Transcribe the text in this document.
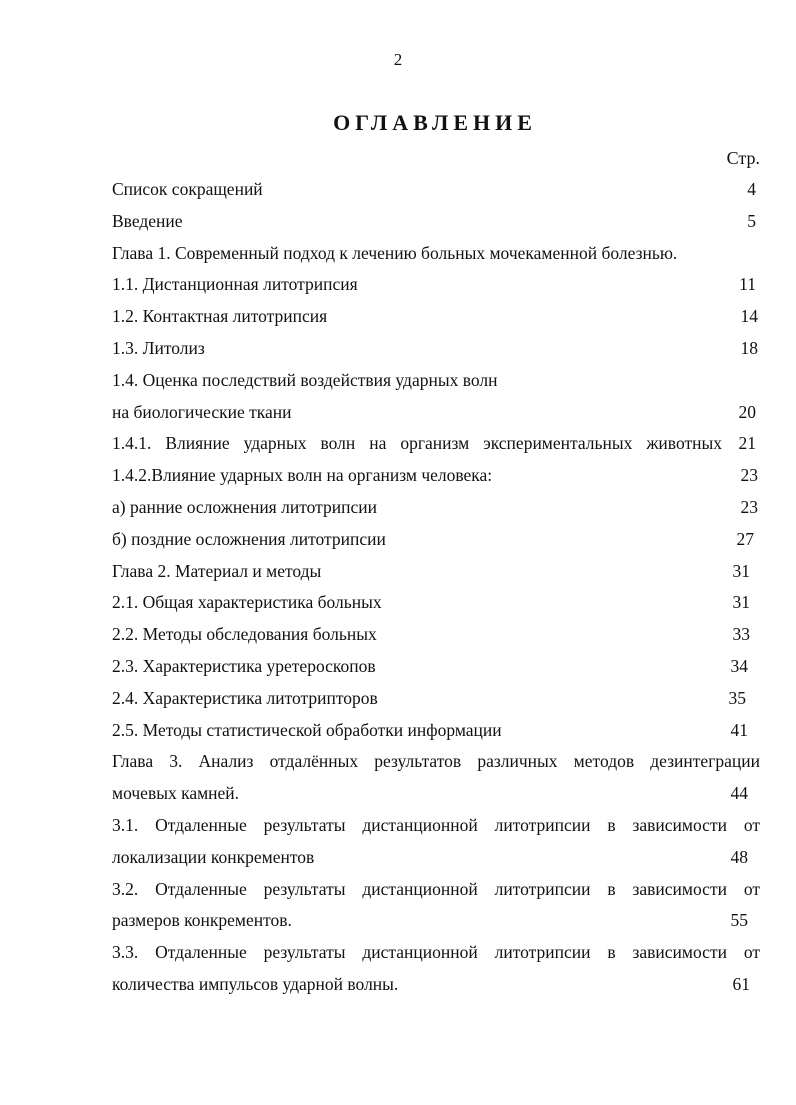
2
ОГЛАВЛЕНИЕ
Стр.
Список сокращений	4
Введение	5
Глава 1. Современный подход к лечению больных мочекаменной болезнью.
1.1. Дистанционная литотрипсия	11
1.2. Контактная литотрипсия	14
1.3. Литолиз	18
1.4. Оценка последствий воздействия ударных волн
на биологические ткани	20
1.4.1. Влияние ударных волн на организм экспериментальных животных 21
1.4.2.Влияние ударных волн на организм человека:	23
а) ранние осложнения литотрипсии	23
б) поздние осложнения литотрипсии	27
Глава 2. Материал и методы	31
2.1. Общая характеристика больных	31
2.2. Методы обследования больных	33
2.3. Характеристика уретероскопов	34
2.4. Характеристика литотрипторов	35
2.5. Методы статистической обработки информации	41
Глава 3. Анализ отдалённых результатов различных методов дезинтеграции
мочевых камней.	44
3.1. Отдаленные результаты дистанционной литотрипсии в зависимости от
локализации конкрементов	48
3.2. Отдаленные результаты дистанционной литотрипсии в зависимости от
размеров конкрементов.	55
3.3. Отдаленные результаты дистанционной литотрипсии в зависимости от
количества импульсов ударной волны.	61
